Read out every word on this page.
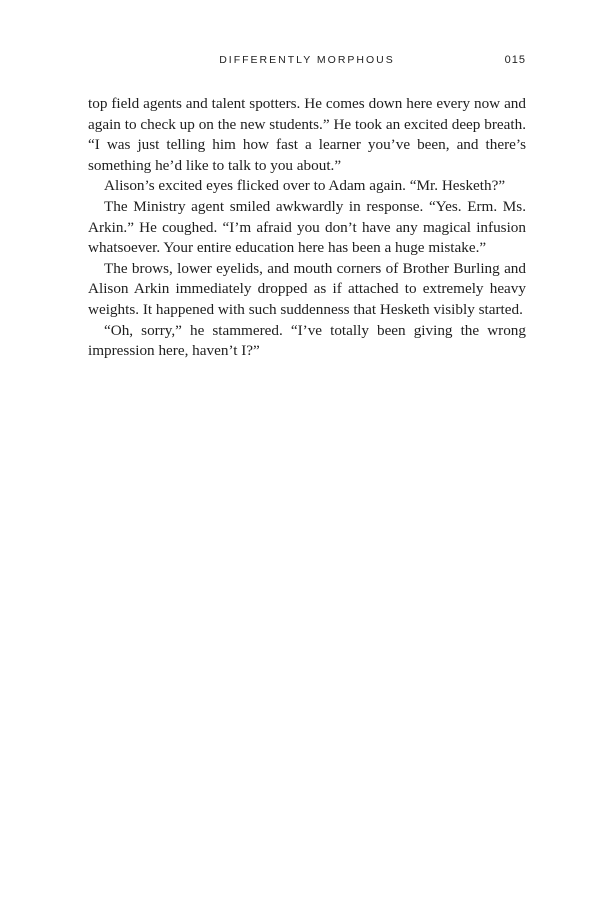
DIFFERENTLY MORPHOUS	015

top field agents and talent spotters. He comes down here every now and again to check up on the new students.” He took an excited deep breath. “I was just telling him how fast a learner you’ve been, and there’s something he’d like to talk to you about.”

Alison’s excited eyes flicked over to Adam again. “Mr. Hesketh?”

The Ministry agent smiled awkwardly in response. “Yes. Erm. Ms. Arkin.” He coughed. “I’m afraid you don’t have any magical infusion whatsoever. Your entire education here has been a huge mistake.”

The brows, lower eyelids, and mouth corners of Brother Burling and Alison Arkin immediately dropped as if attached to extremely heavy weights. It happened with such suddenness that Hesketh visibly started.

“Oh, sorry,” he stammered. “I’ve totally been giving the wrong impression here, haven’t I?”
